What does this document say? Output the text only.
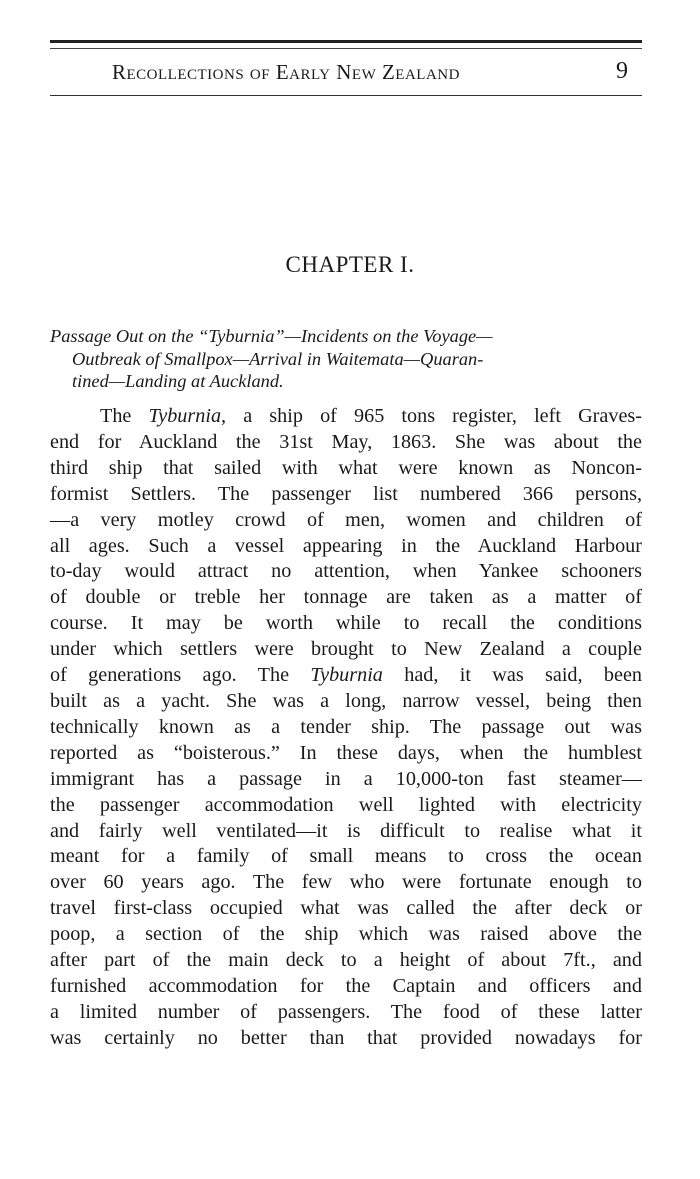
Recollections of Early New Zealand	9
CHAPTER I.
Passage Out on the “Tyburnia”—Incidents on the Voyage—
Outbreak of Smallpox—Arrival in Waitemata—Quaran-
tined—Landing at Auckland.
The Tyburnia, a ship of 965 tons register, left Graves-
end for Auckland the 31st May, 1863. She was about the
third ship that sailed with what were known as Noncon-
formist Settlers. The passenger list numbered 366 persons,
—a very motley crowd of men, women and children of
all ages. Such a vessel appearing in the Auckland Harbour
to-day would attract no attention, when Yankee schooners
of double or treble her tonnage are taken as a matter of
course. It may be worth while to recall the conditions
under which settlers were brought to New Zealand a couple
of generations ago. The Tyburnia had, it was said, been
built as a yacht. She was a long, narrow vessel, being then
technically known as a tender ship. The passage out was
reported as “boisterous.” In these days, when the humblest
immigrant has a passage in a 10,000-ton fast steamer—
the passenger accommodation well lighted with electricity
and fairly well ventilated—it is difficult to realise what it
meant for a family of small means to cross the ocean
over 60 years ago. The few who were fortunate enough to
travel first-class occupied what was called the after deck or
poop, a section of the ship which was raised above the
after part of the main deck to a height of about 7ft., and
furnished accommodation for the Captain and officers and
a limited number of passengers. The food of these latter
was certainly no better than that provided nowadays for
